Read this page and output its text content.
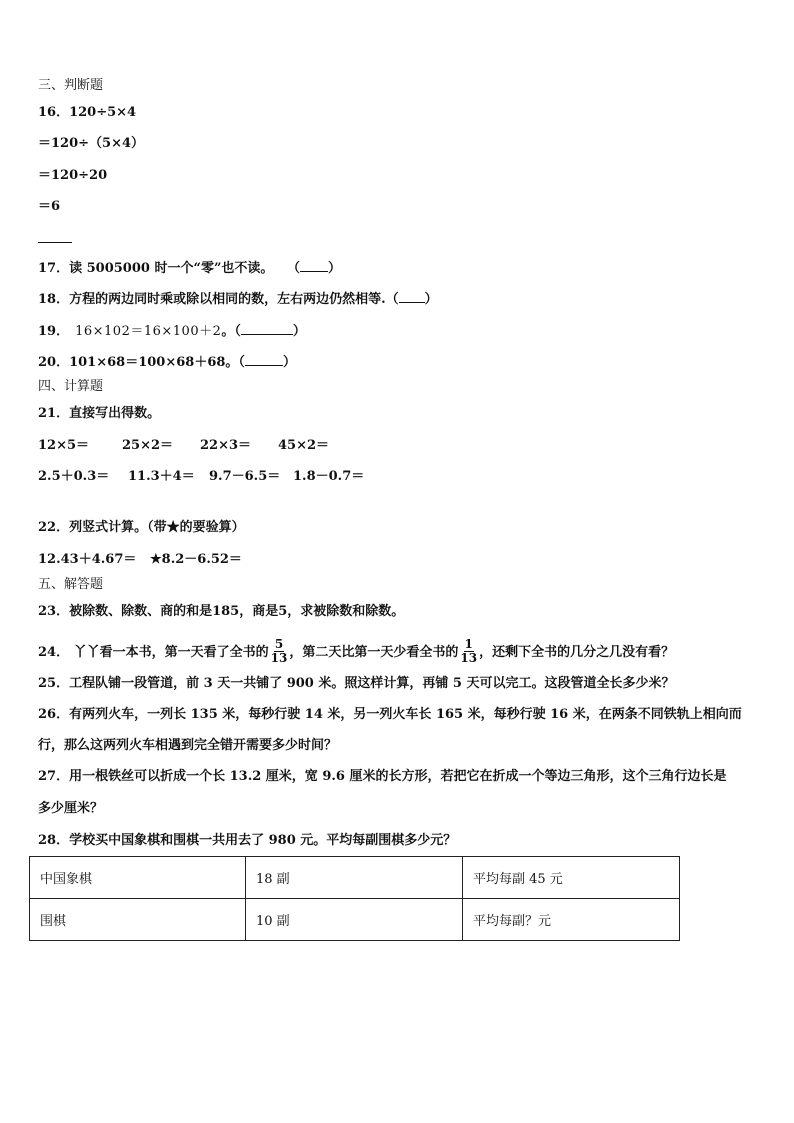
三、判断题
16．120÷5×4
＝120÷（5×4）
＝120÷20
＝6
17．读 5005000 时一个“零”也不读。 （ ）
18．方程的两边同时乘或除以相同的数，左右两边仍然相等.（ ）
19． 16×102＝16×100＋2。（	）
20．101×68＝100×68＋68。（	）
四、计算题
21．直接写出得数。
12×5＝	25×2＝ 22×3＝ 45×2＝
2.5＋0.3＝ 11.3＋4＝ 9.7－6.5＝ 1.8－0.7＝
22．列竖式计算。（带★的要验算）
12.43＋4.67＝ ★8.2－6.52＝
五、解答题
23．被除数、除数、商的和是185，商是5，求被除数和除数。
24． 丫丫看一本书，第一天看了全书的 $\frac{5}{13}$ ，第二天比第一天少看全书的 $\frac{1}{13}$ ，还剩下全书的几分之几没有看？
25．工程队铺一段管道，前 3 天一共铺了 900 米。照这样计算，再铺 5 天可以完工。这段管道全长多少米？
26．有两列火车，一列长 135 米，每秒行驶 14 米，另一列火车长 165 米，每秒行驶 16 米，在两条不同铁轨上相向而
行，那么这两列火车相遇到完全错开需要多少时间？
27．用一根铁丝可以折成一个长 13.2 厘米，宽 9.6 厘米的长方形，若把它在折成一个等边三角形，这个三角行边长是
多少厘米？
28．学校买中国象棋和围棋一共用去了 980 元。平均每副围棋多少元？
中国象棋	18 副	平均每副 45 元
围棋	10 副	平均每副？元
